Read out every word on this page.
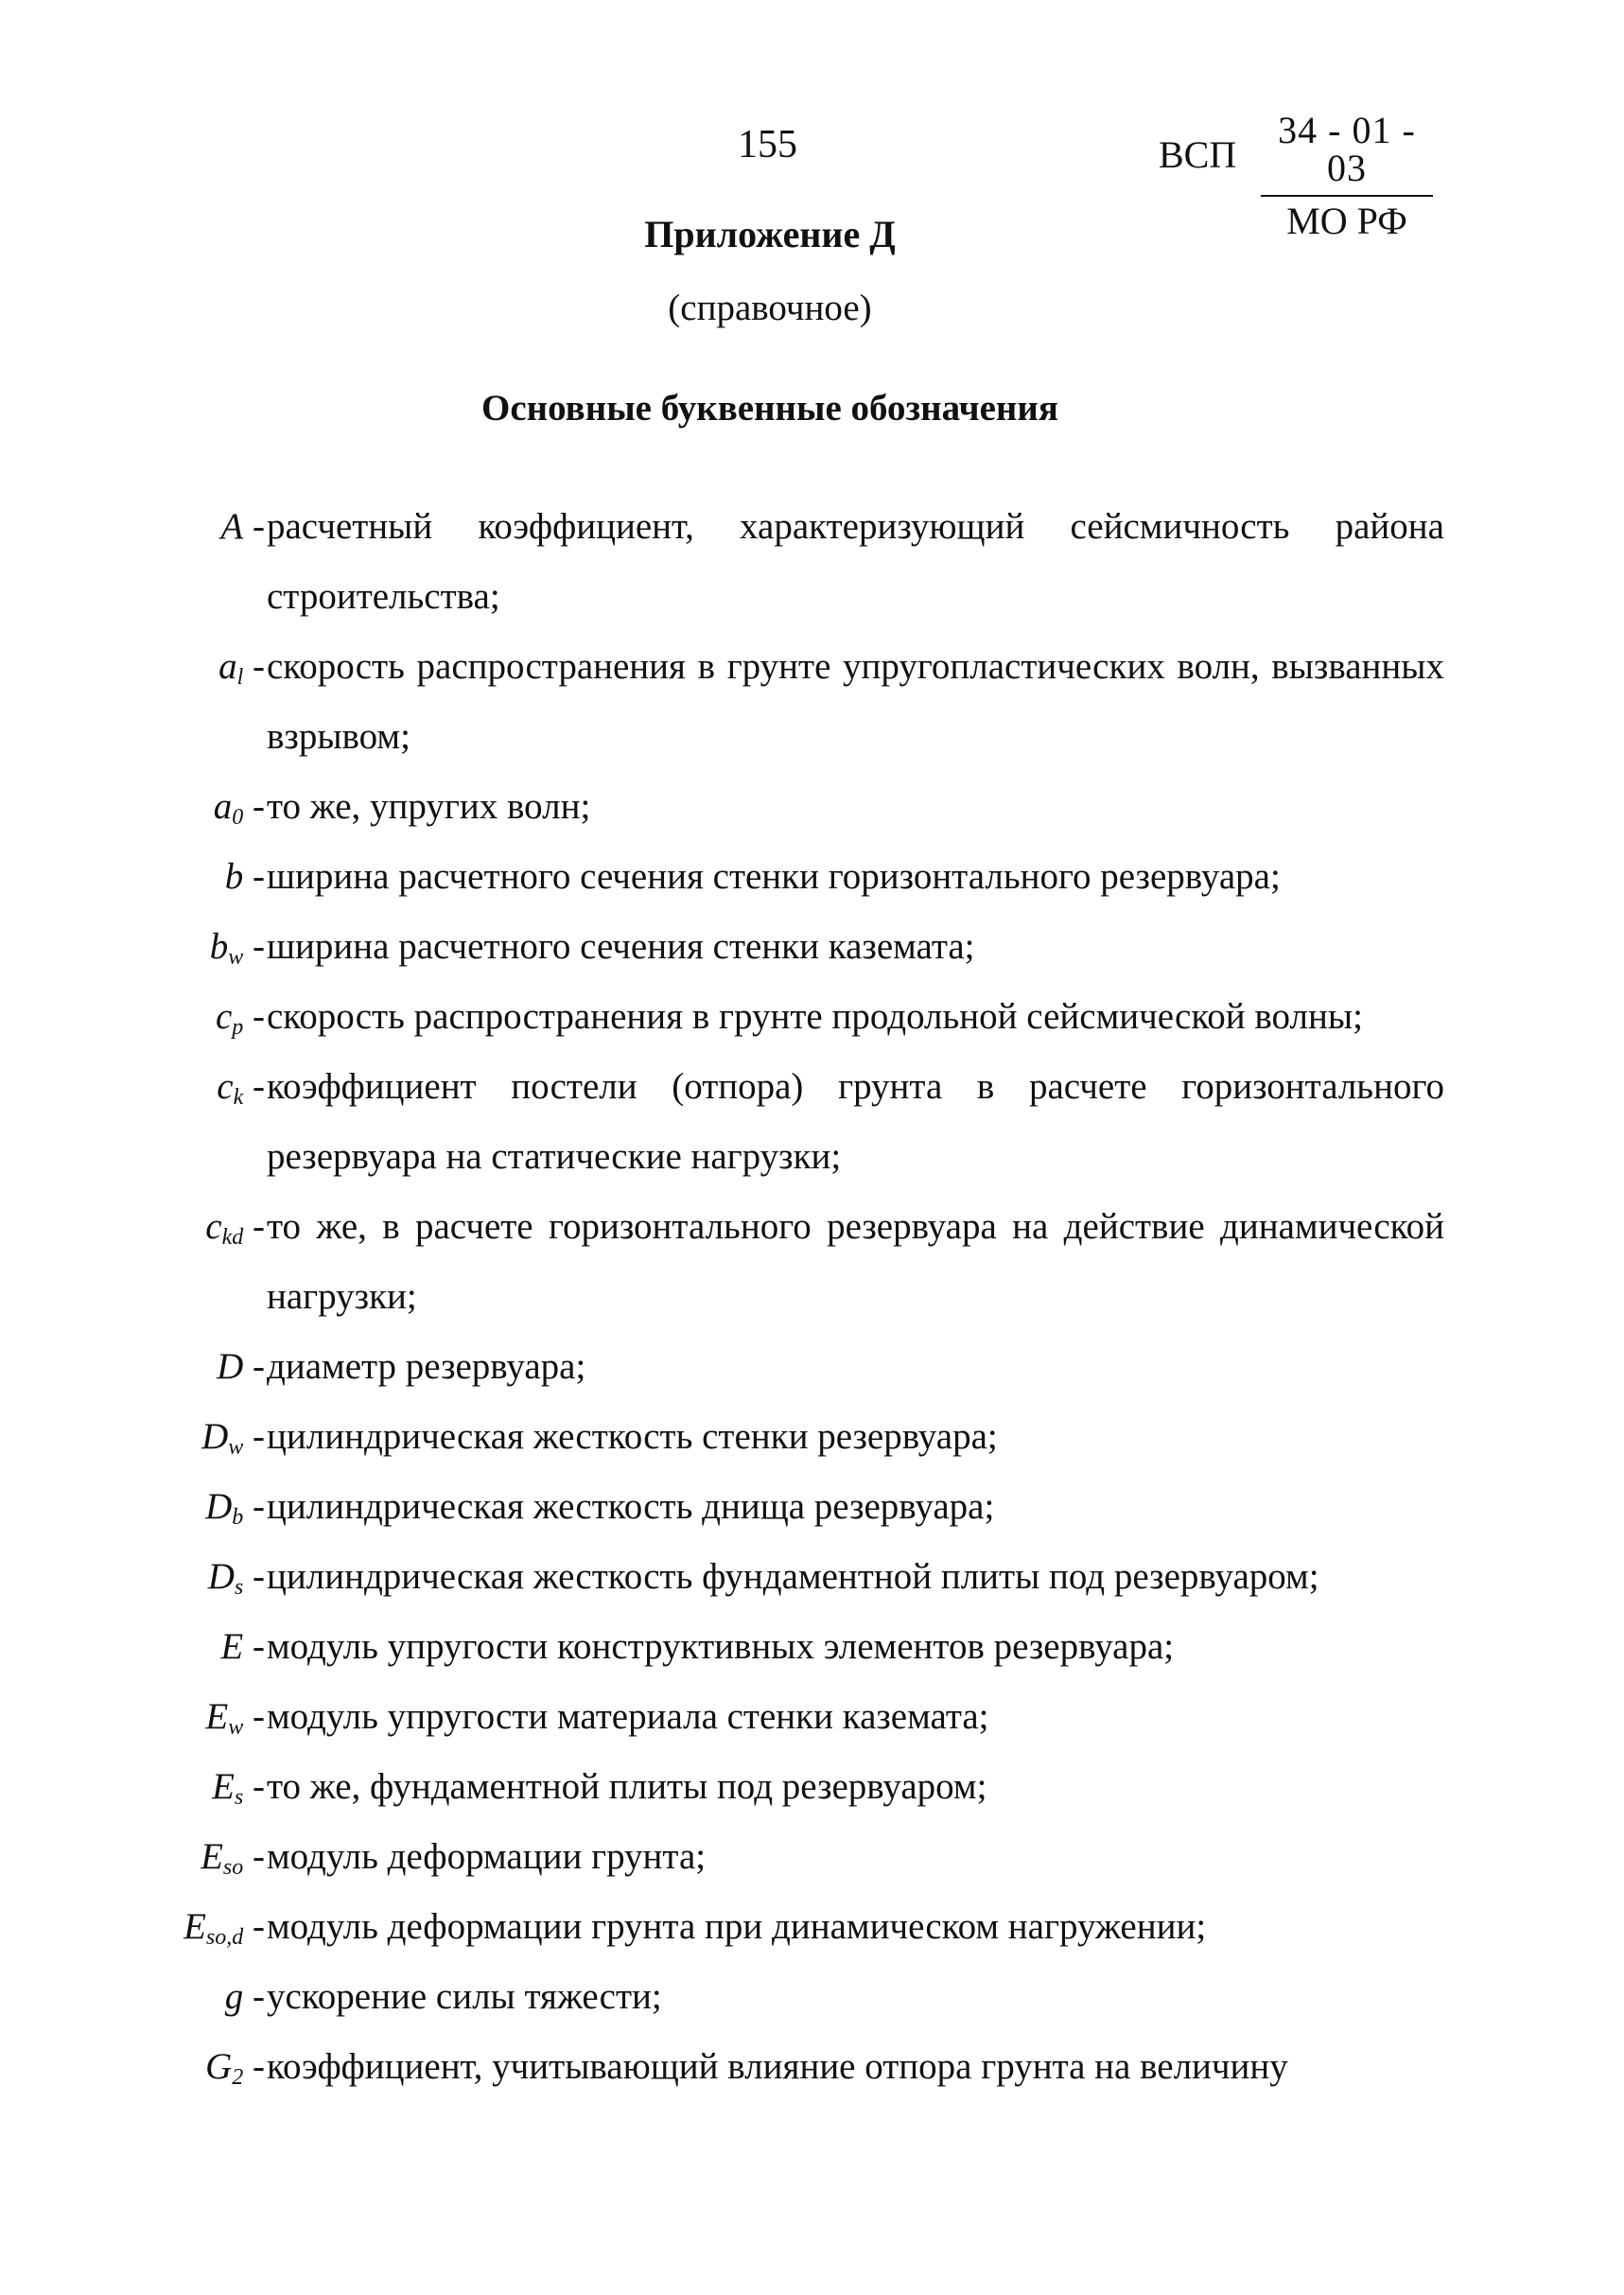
155	ВСП
34 - 01 - 03
МО РФ
Приложение Д
(справочное)
Основные буквенные обозначения
A - расчетный коэффициент, характеризующий сейсмичность района строительства;
$a_l$ - скорость распространения в грунте упругопластических волн, вызванных взрывом;
$a_0$ - то же, упругих волн;
b - ширина расчетного сечения стенки горизонтального резервуара;
$b_w$ - ширина расчетного сечения стенки каземата;
$c_p$ - скорость распространения в грунте продольной сейсмической волны;
$c_k$ - коэффициент постели (отпора) грунта в расчете горизонтального резервуара на статические нагрузки;
$c_{kd}$ - то же, в расчете горизонтального резервуара на действие динамической нагрузки;
D - диаметр резервуара;
$D_w$ - цилиндрическая жесткость стенки резервуара;
$D_b$ - цилиндрическая жесткость днища резервуара;
$D_s$ - цилиндрическая жесткость фундаментной плиты под резервуаром;
E - модуль упругости конструктивных элементов резервуара;
$E_w$ - модуль упругости материала стенки каземата;
$E_s$ - то же, фундаментной плиты под резервуаром;
$E_{so}$ - модуль деформации грунта;
$E_{so,d}$ - модуль деформации грунта при динамическом нагружении;
g - ускорение силы тяжести;
$G_2$ - коэффициент, учитывающий влияние отпора грунта на величину
